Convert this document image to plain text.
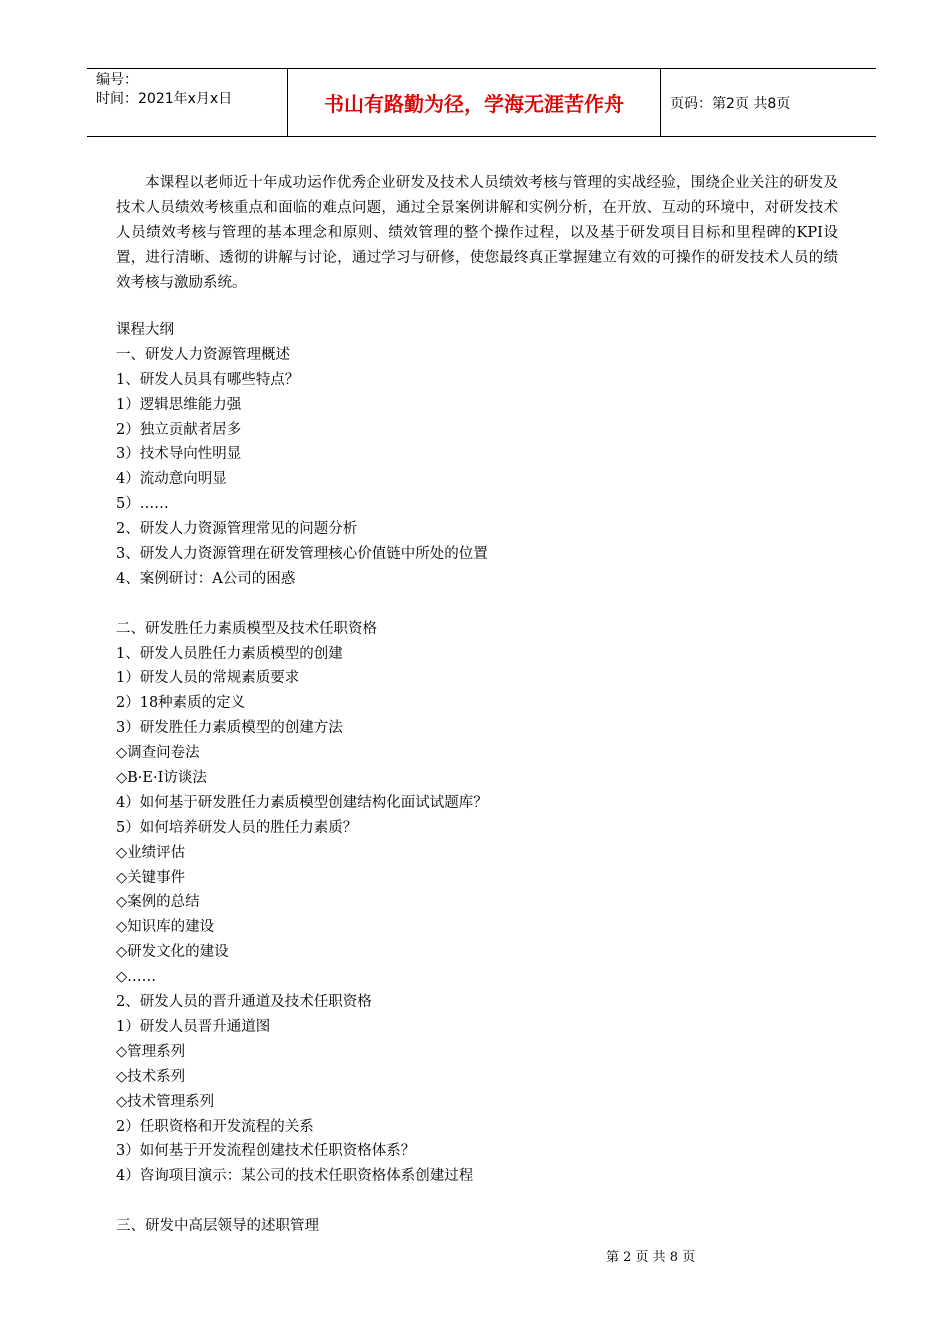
编号：
时间：2021年x月x日	书山有路勤为径，学海无涯苦作舟	页码：第2页 共8页

本课程以老师近十年成功运作优秀企业研发及技术人员绩效考核与管理的实战经验，围绕企业关注的研发及技术人员绩效考核重点和面临的难点问题，通过全景案例讲解和实例分析，在开放、互动的环境中，对研发技术人员绩效考核与管理的基本理念和原则、绩效管理的整个操作过程，以及基于研发项目目标和里程碑的KPI设置，进行清晰、透彻的讲解与讨论，通过学习与研修，使您最终真正掌握建立有效的可操作的研发技术人员的绩效考核与激励系统。

课程大纲
一、研发人力资源管理概述
1、研发人员具有哪些特点？
1）逻辑思维能力强
2）独立贡献者居多
3）技术导向性明显
4）流动意向明显
5）……
2、研发人力资源管理常见的问题分析
3、研发人力资源管理在研发管理核心价值链中所处的位置
4、案例研讨：A公司的困惑
二、研发胜任力素质模型及技术任职资格
1、研发人员胜任力素质模型的创建
1）研发人员的常规素质要求
2）18种素质的定义
3）研发胜任力素质模型的创建方法
◇调查问卷法
◇B·E·I访谈法
4）如何基于研发胜任力素质模型创建结构化面试试题库？
5）如何培养研发人员的胜任力素质？
◇业绩评估
◇关键事件
◇案例的总结
◇知识库的建设
◇研发文化的建设
◇……
2、研发人员的晋升通道及技术任职资格
1）研发人员晋升通道图
◇管理系列
◇技术系列
◇技术管理系列
2）任职资格和开发流程的关系
3）如何基于开发流程创建技术任职资格体系？
4）咨询项目演示：某公司的技术任职资格体系创建过程
三、研发中高层领导的述职管理
第 2 页 共 8 页
